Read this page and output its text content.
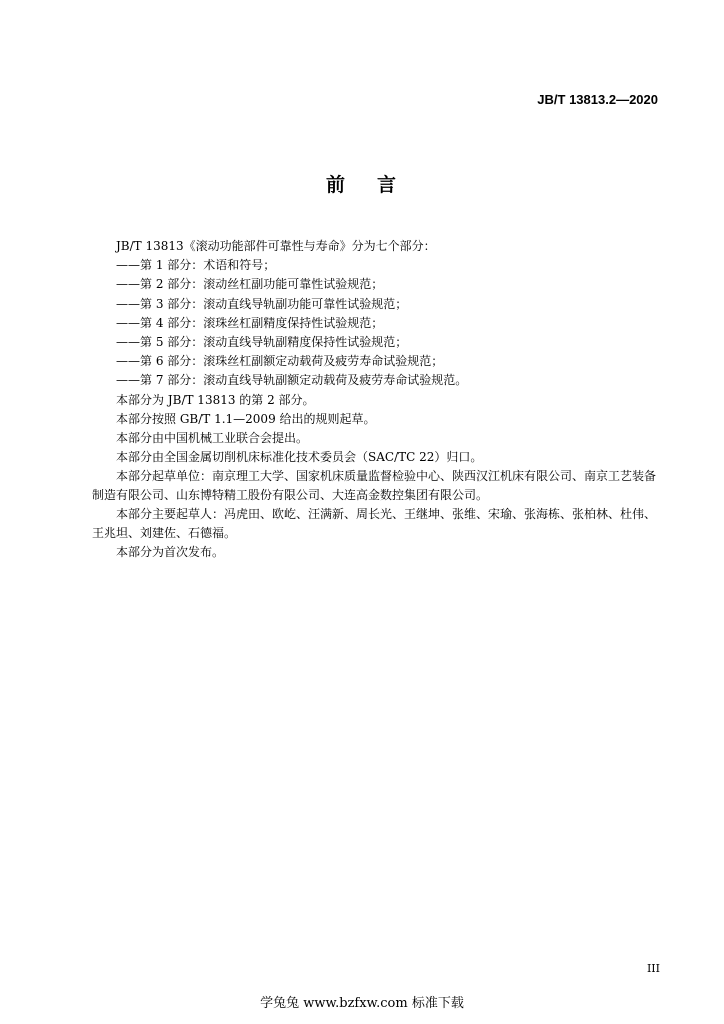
JB/T 13813.2—2020
前 言

JB/T 13813《滚动功能部件可靠性与寿命》分为七个部分：

——第 1 部分：术语和符号；

——第 2 部分：滚动丝杠副功能可靠性试验规范；

——第 3 部分：滚动直线导轨副功能可靠性试验规范；

——第 4 部分：滚珠丝杠副精度保持性试验规范；

——第 5 部分：滚动直线导轨副精度保持性试验规范；

——第 6 部分：滚珠丝杠副额定动载荷及疲劳寿命试验规范；

——第 7 部分：滚动直线导轨副额定动载荷及疲劳寿命试验规范。

本部分为 JB/T 13813 的第 2 部分。

本部分按照 GB/T 1.1—2009 给出的规则起草。

本部分由中国机械工业联合会提出。

本部分由全国金属切削机床标准化技术委员会（SAC/TC 22）归口。

本部分起草单位：南京理工大学、国家机床质量监督检验中心、陕西汉江机床有限公司、南京工艺装备制造有限公司、山东博特精工股份有限公司、大连高金数控集团有限公司。

本部分主要起草人：冯虎田、欧屹、汪满新、周长光、王继坤、张维、宋瑜、张海栋、张柏林、杜伟、王兆坦、刘建佐、石德福。

本部分为首次发布。

III
学兔兔 www.bzfxw.com 标准下载
